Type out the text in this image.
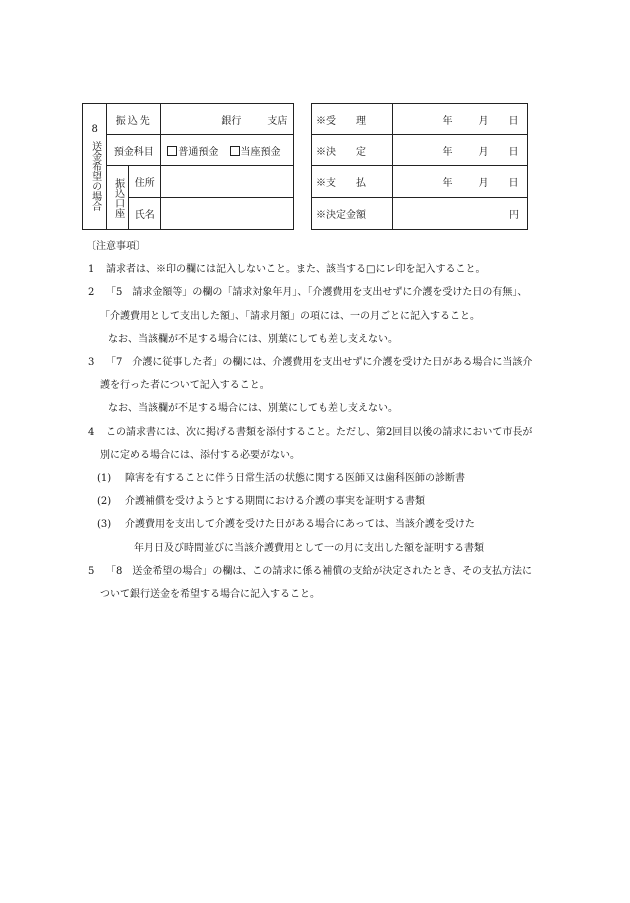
8
送金希望の場合	振込先		銀行 支店
	預金科目		普通預金 当座預金

	振込口座	住所	
		氏名	
※受　　理	年 月 日
※決　　定	年 月 日
※支　　払	年 月 日
※決定金額	円

〔注意事項〕

1 請求者は、※印の欄には記入しないこと。また、該当する□にレ印を記入すること。

2 「5　請求金額等」の欄の「請求対象年月」、「介護費用を支出せずに介護を受けた日の有無」、「介護費用として支出した額」、「請求月額」の項には、一の月ごとに記入すること。

なお、当該欄が不足する場合には、別葉にしても差し支えない。

3 「7　介護に従事した者」の欄には、介護費用を支出せずに介護を受けた日がある場合に当該介護を行った者について記入すること。

なお、当該欄が不足する場合には、別葉にしても差し支えない。

4 この請求書には、次に掲げる書類を添付すること。ただし、第2回目以後の請求において市長が別に定める場合には、添付する必要がない。

(1) 障害を有することに伴う日常生活の状態に関する医師又は歯科医師の診断書

(2) 介護補償を受けようとする期間における介護の事実を証明する書類

(3) 介護費用を支出して介護を受けた日がある場合にあっては、当該介護を受けた

年月日及び時間並びに当該介護費用として一の月に支出した額を証明する書類

5 「8　送金希望の場合」の欄は、この請求に係る補償の支給が決定されたとき、その支払方法について銀行送金を希望する場合に記入すること。
